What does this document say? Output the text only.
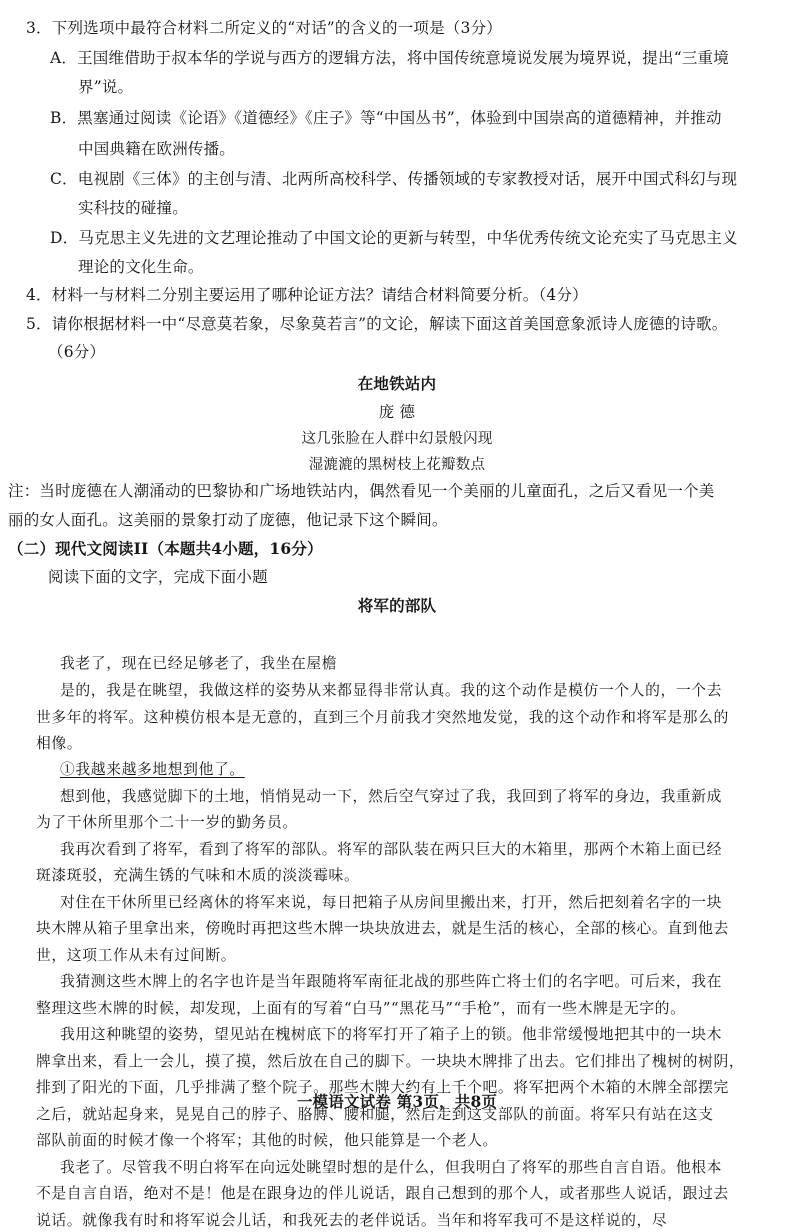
3．下列选项中最符合材料二所定义的“对话”的含义的一项是（3分）
A．王国维借助于叔本华的学说与西方的逻辑方法，将中国传统意境说发展为境界说，提出“三重境
界”说。
B．黑塞通过阅读《论语》《道德经》《庄子》等“中国丛书”，体验到中国崇高的道德精神，并推动
中国典籍在欧洲传播。
C．电视剧《三体》的主创与清、北两所高校科学、传播领域的专家教授对话，展开中国式科幻与现
实科技的碰撞。
D．马克思主义先进的文艺理论推动了中国文论的更新与转型，中华优秀传统文论充实了马克思主义
理论的文化生命。
4．材料一与材料二分别主要运用了哪种论证方法？请结合材料简要分析。（4分）
5．请你根据材料一中“尽意莫若象，尽象莫若言”的文论，解读下面这首美国意象派诗人庞德的诗歌。
（6分）
在地铁站内
庞 德
这几张脸在人群中幻景般闪现
湿漉漉的黑树枝上花瓣数点
注：当时庞德在人潮涌动的巴黎协和广场地铁站内，偶然看见一个美丽的儿童面孔，之后又看见一个美
丽的女人面孔。这美丽的景象打动了庞德，他记录下这个瞬间。
（二）现代文阅读II（本题共4小题，16分）
阅读下面的文字，完成下面小题
将军的部队
我老了，现在已经足够老了，我坐在屋檐
是的，我是在眺望，我做这样的姿势从来都显得非常认真。我的这个动作是模仿一个人的，一个去
世多年的将军。这种模仿根本是无意的，直到三个月前我才突然地发觉，我的这个动作和将军是那么的
相像。
①我越来越多地想到他了。
想到他，我感觉脚下的土地，悄悄晃动一下，然后空气穿过了我，我回到了将军的身边，我重新成
为了干休所里那个二十一岁的勤务员。
我再次看到了将军，看到了将军的部队。将军的部队装在两只巨大的木箱里，那两个木箱上面已经
斑漆斑驳，充满生锈的气味和木质的淡淡霉味。
对住在干休所里已经离休的将军来说，每日把箱子从房间里搬出来，打开，然后把刻着名字的一块
块木牌从箱子里拿出来，傍晚时再把这些木牌一块块放进去，就是生活的核心，全部的核心。直到他去
世，这项工作从未有过间断。
我猜测这些木牌上的名字也许是当年跟随将军南征北战的那些阵亡将士们的名字吧。可后来，我在
整理这些木牌的时候，却发现，上面有的写着“白马”“黑花马”“手枪”，而有一些木牌是无字的。
我用这种眺望的姿势，望见站在槐树底下的将军打开了箱子上的锁。他非常缓慢地把其中的一块木
牌拿出来，看上一会儿，摸了摸，然后放在自己的脚下。一块块木牌排了出去。它们排出了槐树的树阴，
排到了阳光的下面，几乎排满了整个院子。那些木牌大约有上千个吧。将军把两个木箱的木牌全部摆完
之后，就站起身来，晃晃自己的脖子、胳膊、腰和腿，然后走到这支部队的前面。将军只有站在这支
部队前面的时候才像一个将军；其他的时候，他只能算是一个老人。
我老了。尽管我不明白将军在向远处眺望时想的是什么，但我明白了将军的那些自言自语。他根本
不是自言自语，绝对不是！他是在跟身边的伴儿说话，跟自己想到的那个人，或者那些人说话，跟过去
说话。就像我有时和将军说会儿话，和我死去的老伴说话。当年和将军我可不是这样说的，尽
一模语文试卷 第3页，共8页
